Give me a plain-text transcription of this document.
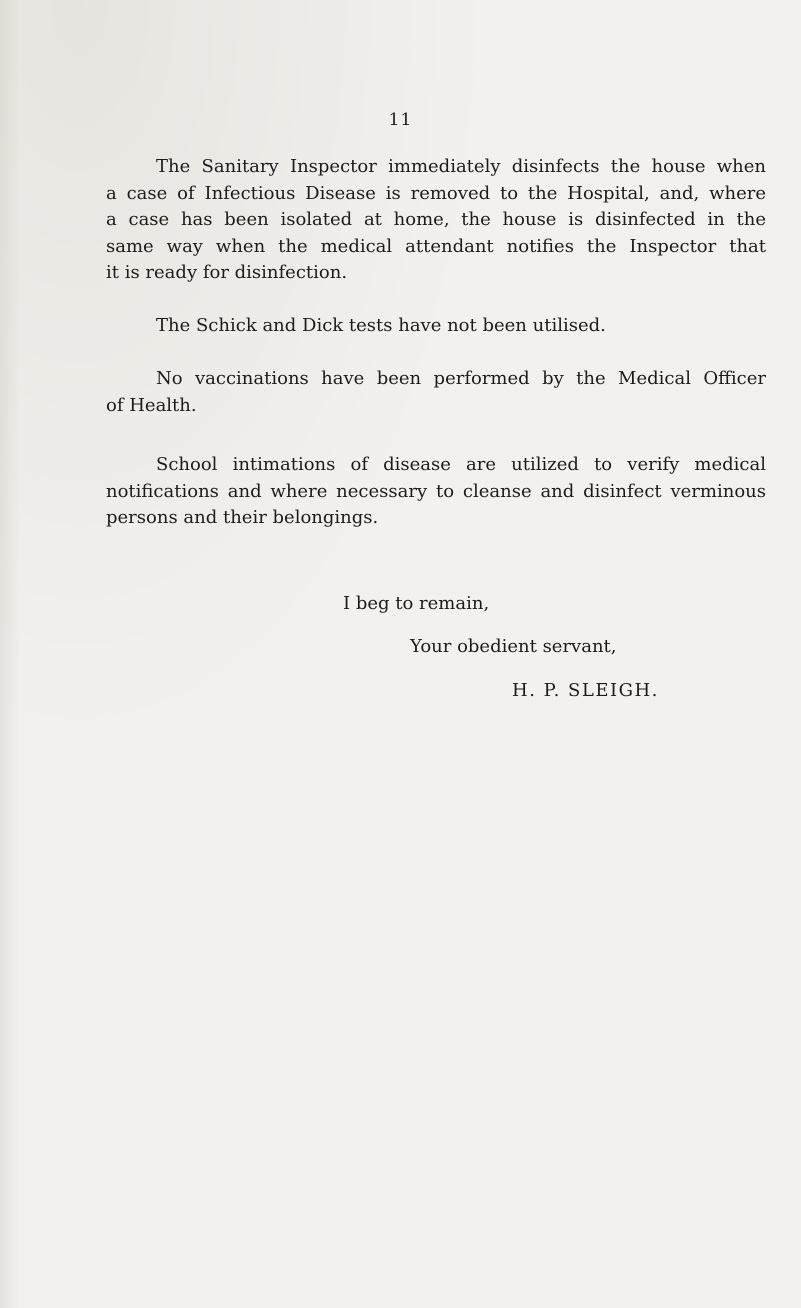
11
The Sanitary Inspector immediately disinfects the house when
a case of Infectious Disease is removed to the Hospital, and, where
a case has been isolated at home, the house is disinfected in the
same way when the medical attendant notifies the Inspector that
it is ready for disinfection.
The Schick and Dick tests have not been utilised.
No vaccinations have been performed by the Medical Officer
of Health.
School intimations of disease are utilized to verify medical
notifications and where necessary to cleanse and disinfect verminous
persons and their belongings.

I beg to remain,

Your obedient servant,

H. P. SLEIGH.
